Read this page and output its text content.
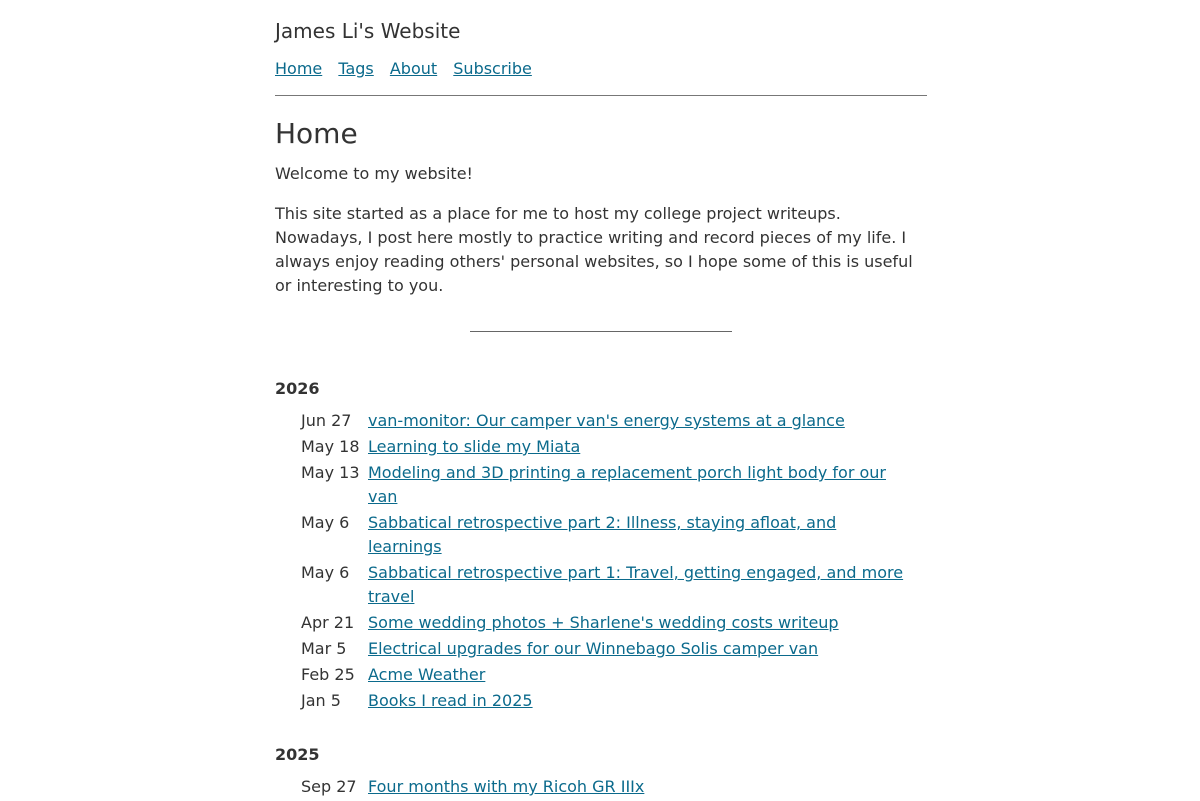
James Li's Website
Home Tags About Subscribe
Home

Welcome to my website!

This site started as a place for me to host my college project writeups. Nowadays, I post here mostly to practice writing and record pieces of my life. I always enjoy reading others' personal websites, so I hope some of this is useful or interesting to you.

2026
Jun 27	van-monitor: Our camper van's energy systems at a glance
May 18	Learning to slide my Miata
May 13	Modeling and 3D printing a replacement porch light body for our van
May 6	Sabbatical retrospective part 2: Illness, staying afloat, and learnings
May 6	Sabbatical retrospective part 1: Travel, getting engaged, and more travel
Apr 21	Some wedding photos + Sharlene's wedding costs writeup
Mar 5	Electrical upgrades for our Winnebago Solis camper van
Feb 25	Acme Weather
Jan 5	Books I read in 2025
2025
Sep 27	Four months with my Ricoh GR IIIx
